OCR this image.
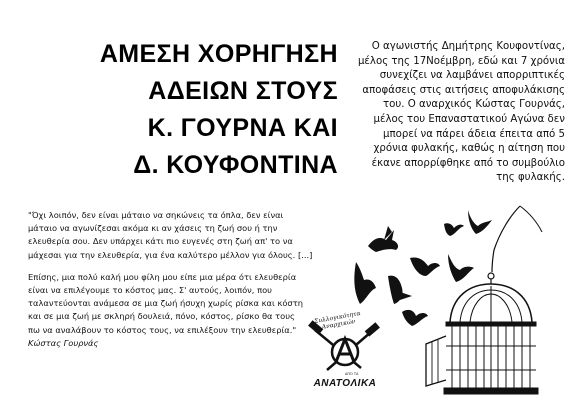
ΑΜΕΣΗ ΧΟΡΗΓΗΣΗ
ΑΔΕΙΩΝ ΣΤΟΥΣ
Κ. ΓΟΥΡΝΑ ΚΑΙ
Δ. ΚΟΥΦΟΝΤΙΝΑ
Ο αγωνιστής Δημήτρης Κουφοντίνας,
μέλος της 17Νοέμβρη, εδώ και 7 χρόνια
συνεχίζει να λαμβάνει απορριπτικές
αποφάσεις στις αιτήσεις αποφυλάκισης
του. Ο αναρχικός Κώστας Γουρνάς,
μέλος του Επαναστατικού Αγώνα δεν
μπορεί να πάρει άδεια έπειτα από 5
χρόνια φυλακής, καθώς η αίτηση που
έκανε απορρίφθηκε από το συμβούλιο
της φυλακής.
"Όχι λοιπόν, δεν είναι μάταιο να σηκώνεις τα όπλα, δεν είναι
μάταιο να αγωνίζεσαι ακόμα κι αν χάσεις τη ζωή σου ή την
ελευθερία σου. Δεν υπάρχει κάτι πιο ευγενές στη ζωή απ' το να
μάχεσαι για την ελευθερία, για ένα καλύτερο μέλλον για όλους. [...]
Επίσης, μια πολύ καλή μου φίλη μου είπε μια μέρα ότι ελευθερία
είναι να επιλέγουμε το κόστος μας. Σ' αυτούς, λοιπόν, που
ταλαντεύονται ανάμεσα σε μια ζωή ήσυχη χωρίς ρίσκα και κόστη
και σε μια ζωή με σκληρή δουλειά, πόνο, κόστος, ρίσκο θα τους
πω να αναλάβουν το κόστος τους, να επιλέξουν την ελευθερία."
Κώστας Γουρνάς
Συλλογικότητα Αναρχικών
ΑΠΟ ΤΑ
ΑΝΑΤΟΛΙΚΑ
